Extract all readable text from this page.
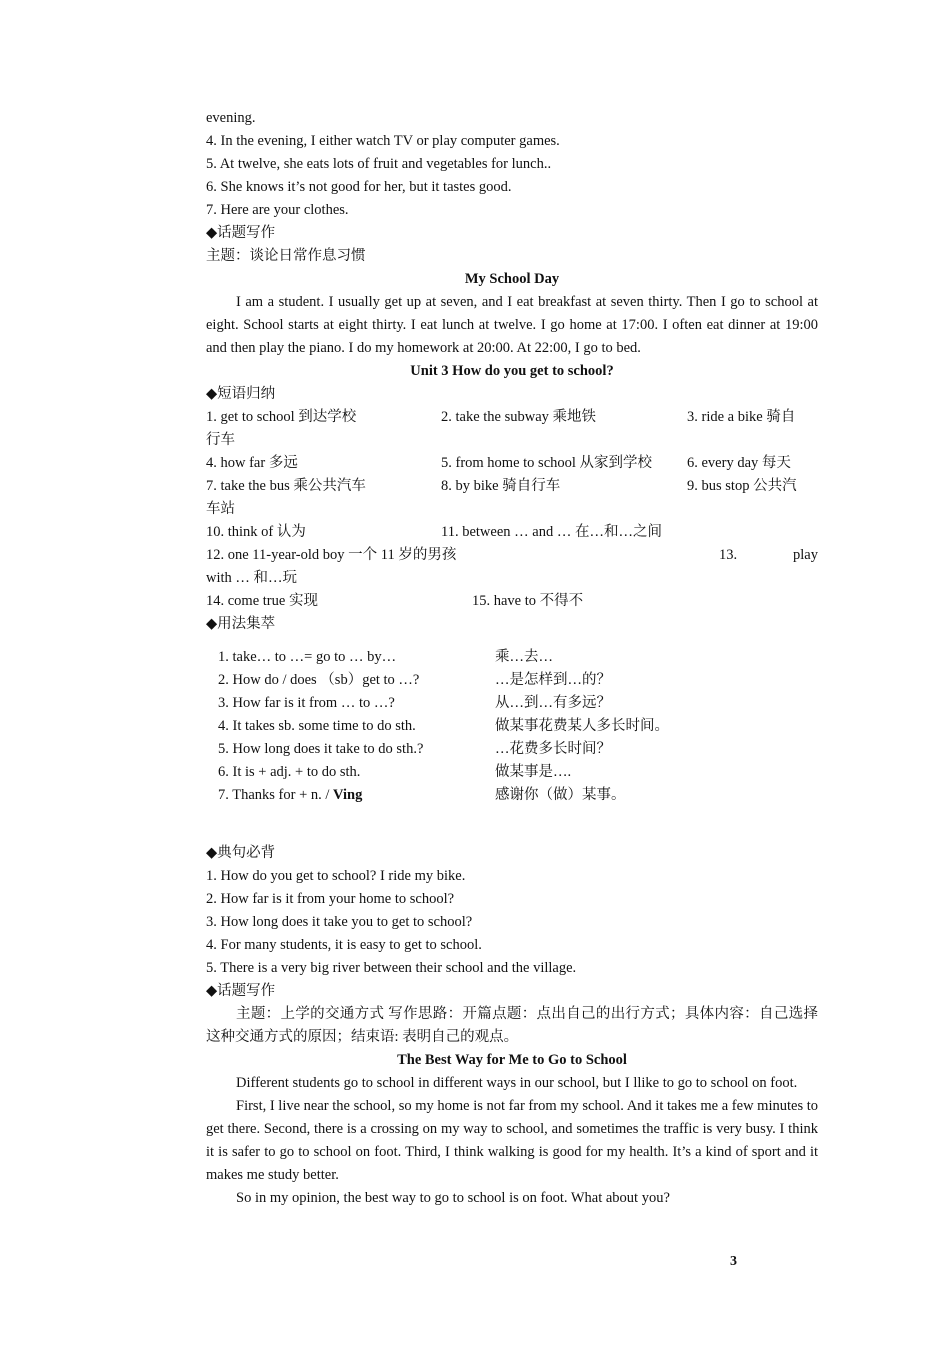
evening.
4. In the evening, I either watch TV or play computer games.
5. At twelve, she eats lots of fruit and vegetables for lunch..
6. She knows it’s not good for her, but it tastes good.
7. Here are your clothes.
◆话题写作
主题：谈论日常作息习惯
My School Day
I am a student. I usually get up at seven, and I eat breakfast at seven thirty. Then I go to school at eight. School starts at eight thirty. I eat lunch at twelve. I go home at 17:00. I often eat dinner at 19:00 and then play the piano. I do my homework at 20:00. At 22:00, I go to bed.
Unit 3 How do you get to school?
◆短语归纳
1. get to school 到达学校	2. take the subway 乘地铁	3. ride a bike 骑自
行车
4. how far 多远	5. from home to school 从家到学校 6. every day 每天
7. take the bus 乘公共汽车	8. by bike 骑自行车	9. bus stop 公共汽
车站
10. think of 认为	11. between … and … 在…和…之间
12. one 11-year-old boy 一个 11 岁的男孩	13.	play
with … 和…玩
14. come true 实现	15. have to 不得不
◆用法集萃
1. take… to …= go to … by…	乘…去…
2. How do / does （sb）get to …?	…是怎样到…的？
3. How far is it from … to …?	从…到…有多远？
4. It takes sb. some time to do sth.	做某事花费某人多长时间。
5. How long does it take to do sth.?	…花费多长时间？
6. It is + adj. + to do sth.	做某事是….
7. Thanks for + n. / Ving	感谢你（做）某事。
◆典句必背
1. How do you get to school? I ride my bike.
2. How far is it from your home to school?
3. How long does it take you to get to school?
4. For many students, it is easy to get to school.
5. There is a very big river between their school and the village.
◆话题写作
主题：上学的交通方式 写作思路：开篇点题：点出自己的出行方式；具体内容：自己选择这种交通方式的原因；结束语: 表明自己的观点。
The Best Way for Me to Go to School
Different students go to school in different ways in our school, but I llike to go to school on foot.
First, I live near the school, so my home is not far from my school. And it takes me a few minutes to get there. Second, there is a crossing on my way to school, and sometimes the traffic is very busy. I think it is safer to go to school on foot. Third, I think walking is good for my health. It’s a kind of sport and it makes me study better.
So in my opinion, the best way to go to school is on foot. What about you?
3
